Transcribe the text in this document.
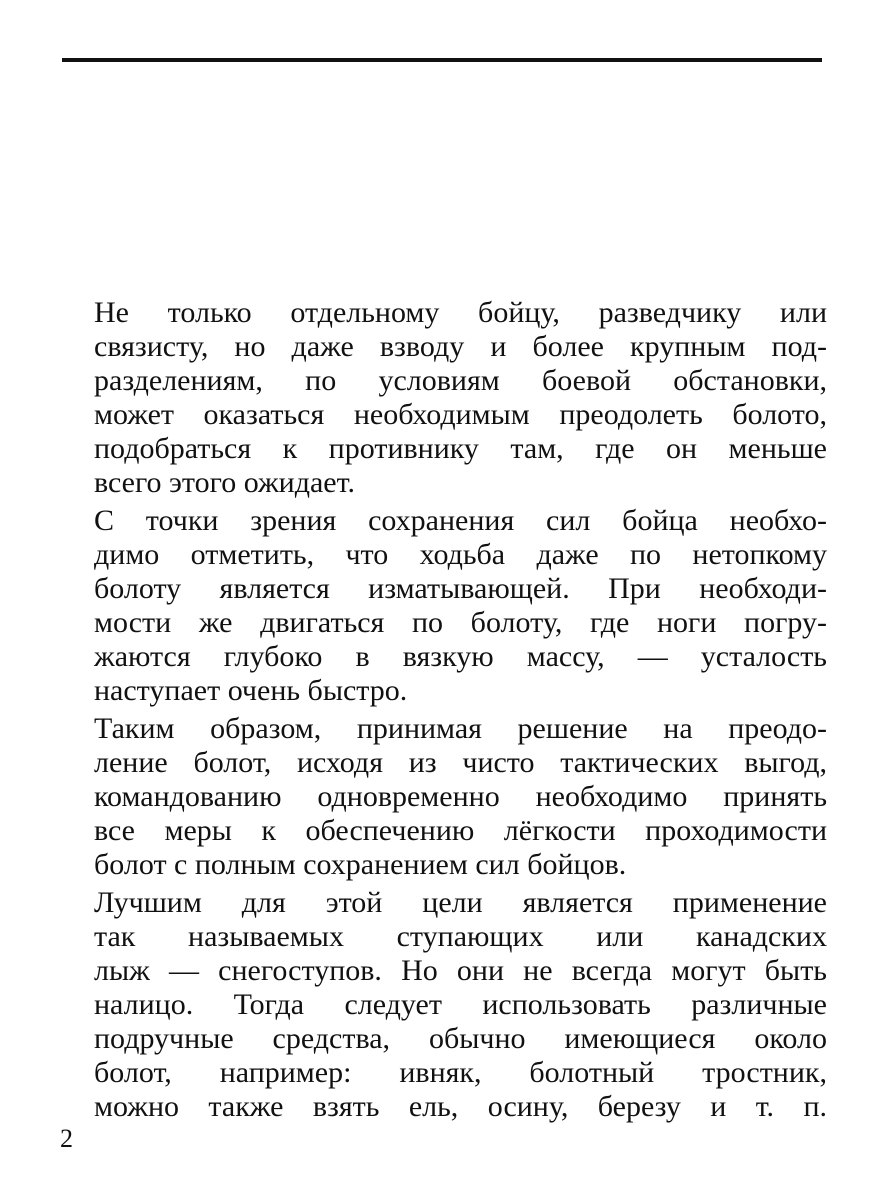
Не только отдельному бойцу, разведчику или
связисту, но даже взводу и более крупным под-
разделениям, по условиям боевой обстановки,
может оказаться необходимым преодолеть болото,
подобраться к противнику там, где он меньше
всего этого ожидает.

С точки зрения сохранения сил бойца необхо-
димо отметить, что ходьба даже по нетопкому
болоту является изматывающей. При необходи-
мости же двигаться по болоту, где ноги погру-
жаются глубоко в вязкую массу, — усталость
наступает очень быстро.

Таким образом, принимая решение на преодо-
ление болот, исходя из чисто тактических выгод,
командованию одновременно необходимо принять
все меры к обеспечению лёгкости проходимости
болот с полным сохранением сил бойцов.

Лучшим для этой цели является применение
так называемых ступающих или канадских
лыж — снегоступов. Но они не всегда могут быть
налицо. Тогда следует использовать различные
подручные средства, обычно имеющиеся около
болот, например: ивняк, болотный тростник,
можно также взять ель, осину, березу и т. п.

2
